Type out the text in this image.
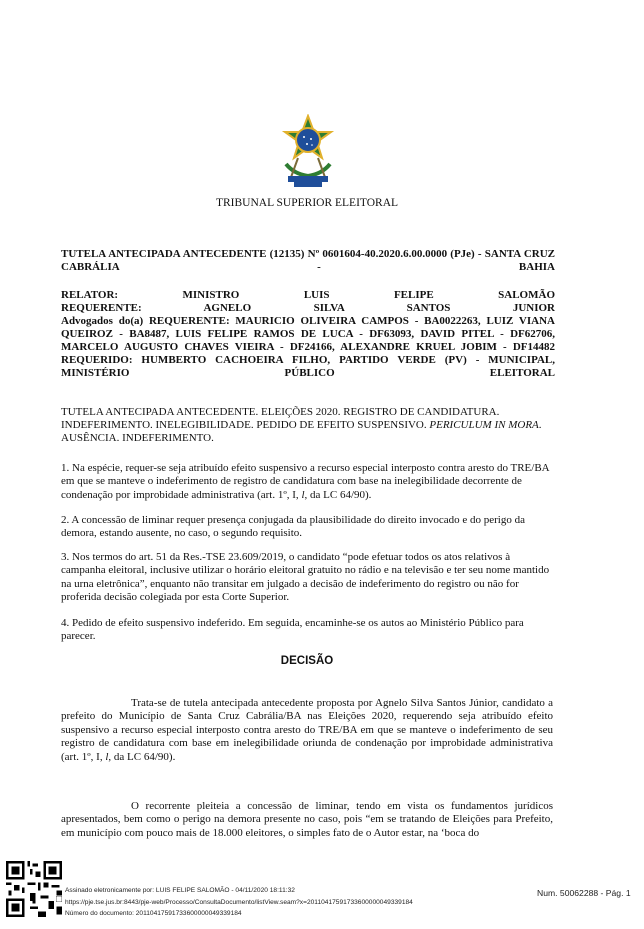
TRIBUNAL SUPERIOR ELEITORAL
TUTELA ANTECIPADA ANTECEDENTE (12135) Nº 0601604-40.2020.6.00.0000 (PJe) - SANTA CRUZ CABRÁLIA - BAHIA
RELATOR: MINISTRO LUIS FELIPE SALOMÃO
REQUERENTE: AGNELO SILVA SANTOS JUNIOR
Advogados do(a) REQUERENTE: MAURICIO OLIVEIRA CAMPOS - BA0022263, LUIZ VIANA QUEIROZ - BA8487, LUIS FELIPE RAMOS DE LUCA - DF63093, DAVID PITEL - DF62706, MARCELO AUGUSTO CHAVES VIEIRA - DF24166, ALEXANDRE KRUEL JOBIM - DF14482
REQUERIDO: HUMBERTO CACHOEIRA FILHO, PARTIDO VERDE (PV) - MUNICIPAL, MINISTÉRIO PÚBLICO ELEITORAL
TUTELA ANTECIPADA ANTECEDENTE. ELEIÇÕES 2020. REGISTRO DE CANDIDATURA. INDEFERIMENTO. INELEGIBILIDADE. PEDIDO DE EFEITO SUSPENSIVO. PERICULUM IN MORA. AUSÊNCIA. INDEFERIMENTO.
1. Na espécie, requer-se seja atribuído efeito suspensivo a recurso especial interposto contra aresto do TRE/BA em que se manteve o indeferimento de registro de candidatura com base na inelegibilidade decorrente de condenação por improbidade administrativa (art. 1º, I, l, da LC 64/90).
2. A concessão de liminar requer presença conjugada da plausibilidade do direito invocado e do perigo da demora, estando ausente, no caso, o segundo requisito.
3. Nos termos do art. 51 da Res.-TSE 23.609/2019, o candidato “pode efetuar todos os atos relativos à campanha eleitoral, inclusive utilizar o horário eleitoral gratuito no rádio e na televisão e ter seu nome mantido na urna eletrônica”, enquanto não transitar em julgado a decisão de indeferimento do registro ou não for proferida decisão colegiada por esta Corte Superior.
4. Pedido de efeito suspensivo indeferido. Em seguida, encaminhe-se os autos ao Ministério Público para parecer.
DECISÃO
Trata-se de tutela antecipada antecedente proposta por Agnelo Silva Santos Júnior, candidato a prefeito do Município de Santa Cruz Cabrália/BA nas Eleições 2020, requerendo seja atribuído efeito suspensivo a recurso especial interposto contra aresto do TRE/BA em que se manteve o indeferimento de seu registro de candidatura com base em inelegibilidade oriunda de condenação por improbidade administrativa (art. 1º, I, l, da LC 64/90).
O recorrente pleiteia a concessão de liminar, tendo em vista os fundamentos jurídicos apresentados, bem como o perigo na demora presente no caso, pois “em se tratando de Eleições para Prefeito, em município com pouco mais de 18.000 eleitores, o simples fato de o Autor estar, na ‘boca do
Assinado eletronicamente por: LUIS FELIPE SALOMÃO - 04/11/2020 18:11:32
https://pje.tse.jus.br:8443/pje-web/Processo/ConsultaDocumento/listView.seam?x=20110417591733600000049339184
Número do documento: 20110417591733600000049339184
Num. 50062288 - Pág. 1
